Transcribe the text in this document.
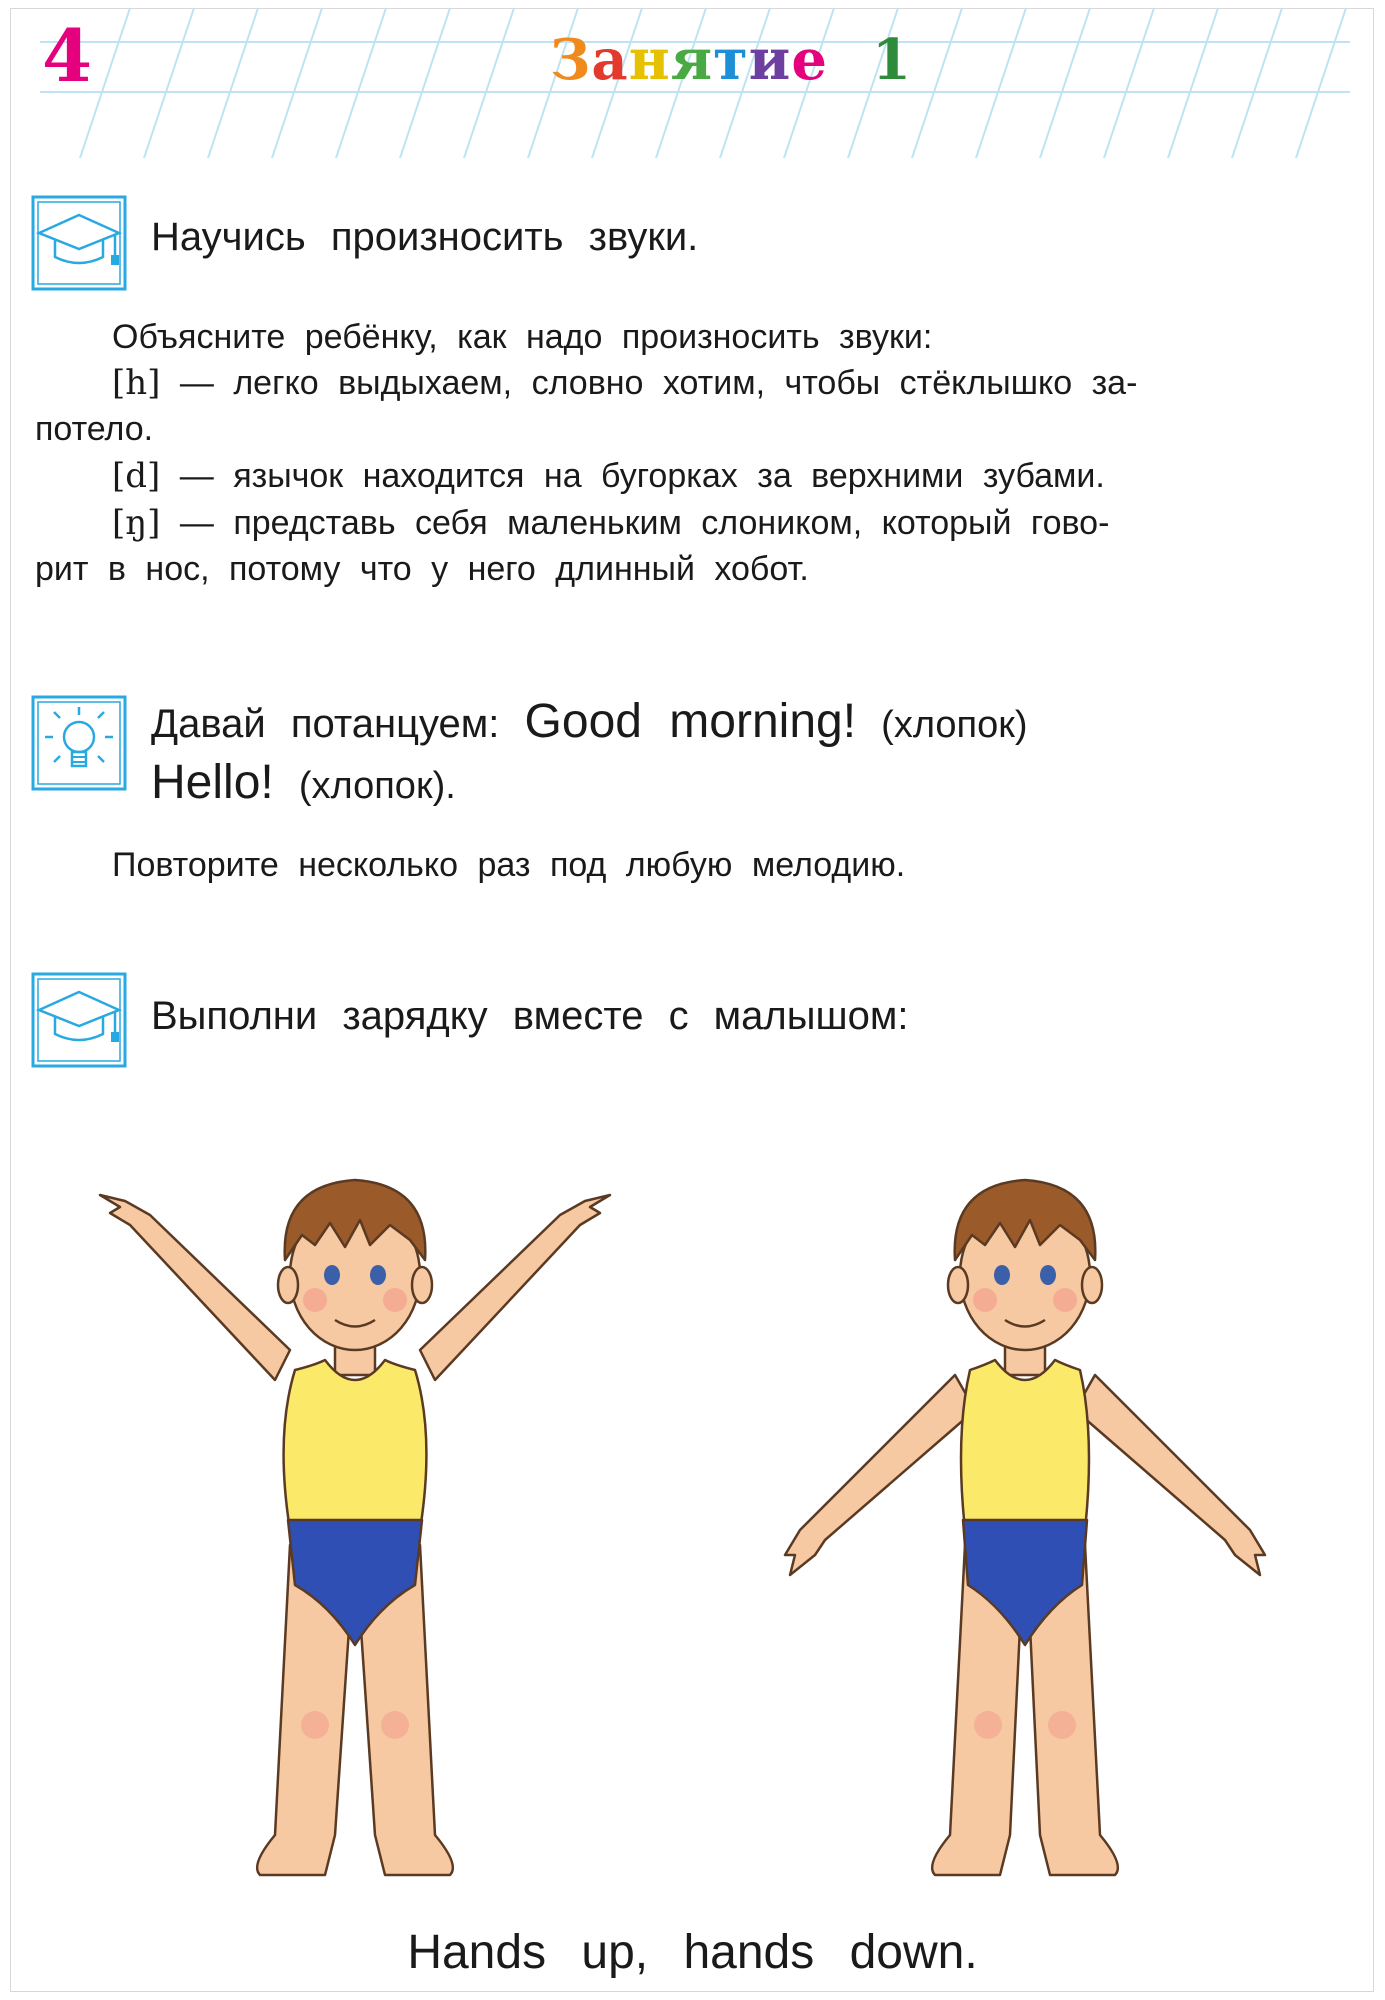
4	Занятие 1
Научись произносить звуки.
Объясните ребёнку, как надо произносить звуки:
[h] — легко выдыхаем, словно хотим, чтобы стёклышко за-
потело.
[d] — язычок находится на бугорках за верхними зубами.
[ŋ] — представь себя маленьким слоником, который гово-
рит в нос, потому что у него длинный хобот.
Давай потанцуем: Good morning! (хлопок)
Hello! (хлопок).
Повторите несколько раз под любую мелодию.
Выполни зарядку вместе с малышом:
Hands up, hands down.
